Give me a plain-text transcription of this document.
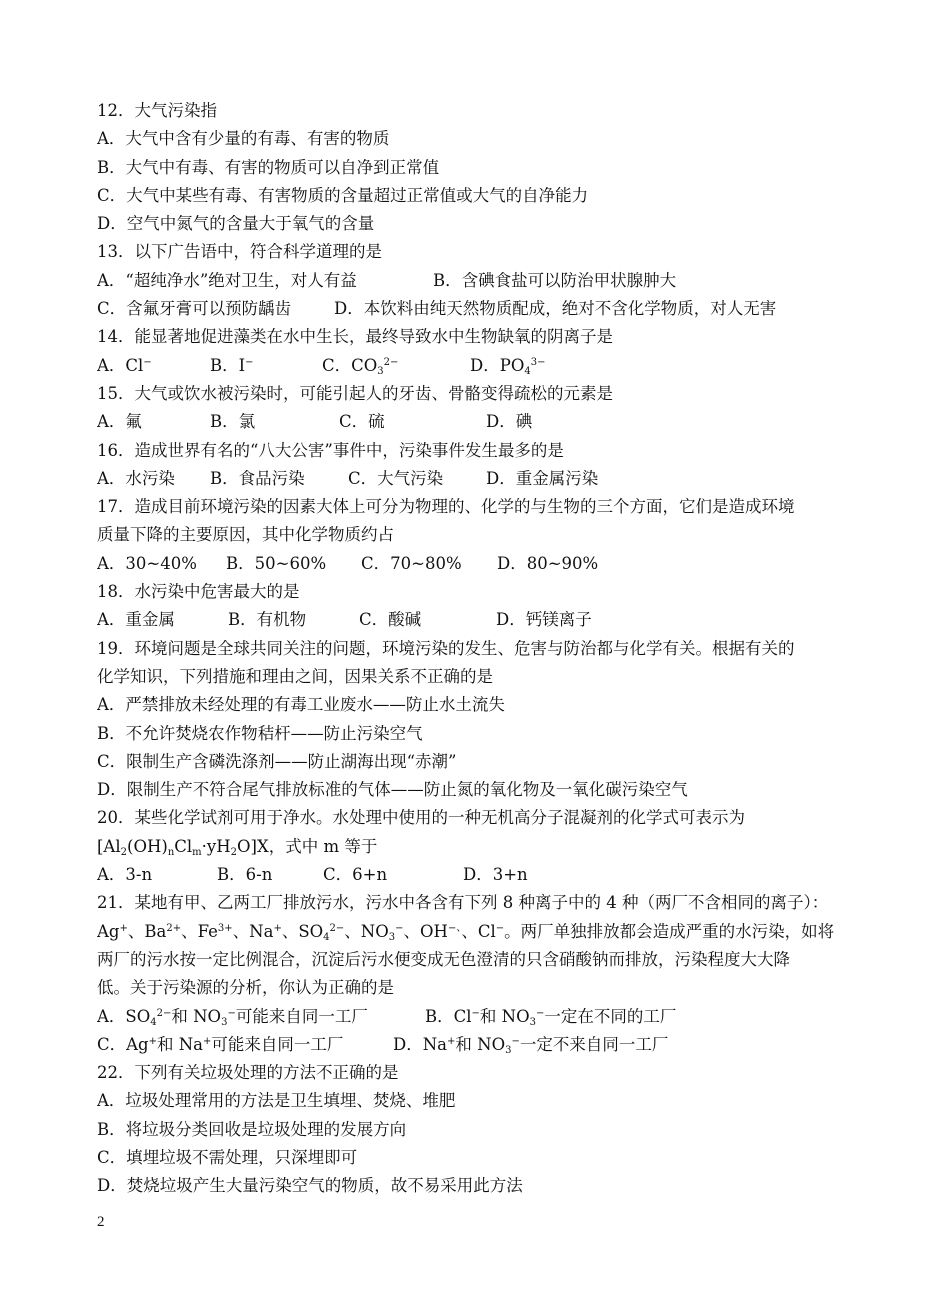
12．大气污染指
A．大气中含有少量的有毒、有害的物质
B．大气中有毒、有害的物质可以自净到正常值
C．大气中某些有毒、有害物质的含量超过正常值或大气的自净能力
D．空气中氮气的含量大于氧气的含量
13．以下广告语中，符合科学道理的是
A．“超纯净水”绝对卫生，对人有益	B．含碘食盐可以防治甲状腺肿大
C．含氟牙膏可以预防龋齿	D．本饮料由纯天然物质配成，绝对不含化学物质，对人无害
14．能显著地促进藻类在水中生长，最终导致水中生物缺氧的阴离子是
A．Cl−	B．I−	C．$CO_3^{2-}$	D．$PO_4^{3-}$
15．大气或饮水被污染时，可能引起人的牙齿、骨骼变得疏松的元素是
A．氟	B．氯	C．硫	D．碘
16．造成世界有名的“八大公害”事件中，污染事件发生最多的是
A．水污染 B．食品污染	C．大气污染	D．重金属污染
17．造成目前环境污染的因素大体上可分为物理的、化学的与生物的三个方面，它们是造成环境
质量下降的主要原因，其中化学物质约占
A．30~40% B．50~60% C．70~80% D．80~90%
18．水污染中危害最大的是
A．重金属	B．有机物	C．酸碱	D．钙镁离子
19．环境问题是全球共同关注的问题，环境污染的发生、危害与防治都与化学有关。根据有关的
化学知识，下列措施和理由之间，因果关系不正确的是
A．严禁排放未经处理的有毒工业废水——防止水土流失
B．不允许焚烧农作物秸杆——防止污染空气
C．限制生产含磷洗涤剂——防止湖海出现“赤潮”
D．限制生产不符合尾气排放标准的气体——防止氮的氧化物及一氧化碳污染空气
20．某些化学试剂可用于净水。水处理中使用的一种无机高分子混凝剂的化学式可表示为
$[Al_2(OH)_nCl_m\cdot yH_2O]X$，式中 m 等于
A．3-n	B．6-n	C．6+n	D．3+n
21．某地有甲、乙两工厂排放污水，污水中各含有下列 8 种离子中的 4 种（两厂不含相同的离子）：
Ag+、$Ba^{2+}$、$Fe^{3+}$、Na+、$SO_4^{2-}$、$NO_3^-$、OH−、、Cl−。两厂单独排放都会造成严重的水污染，如将
两厂的污水按一定比例混合，沉淀后污水便变成无色澄清的只含硝酸钠而排放，污染程度大大降
低。关于污染源的分析，你认为正确的是
A．$SO_4^{2-}$和 $NO_3^-$可能来自同一工厂	B．Cl−和 $NO_3^-$一定在不同的工厂
C．Ag+和 Na+可能来自同一工厂	D．Na+和 $NO_3^-$一定不来自同一工厂
22．下列有关垃圾处理的方法不正确的是
A．垃圾处理常用的方法是卫生填埋、焚烧、堆肥
B．将垃圾分类回收是垃圾处理的发展方向
C．填埋垃圾不需处理，只深埋即可
D．焚烧垃圾产生大量污染空气的物质，故不易采用此方法
2
